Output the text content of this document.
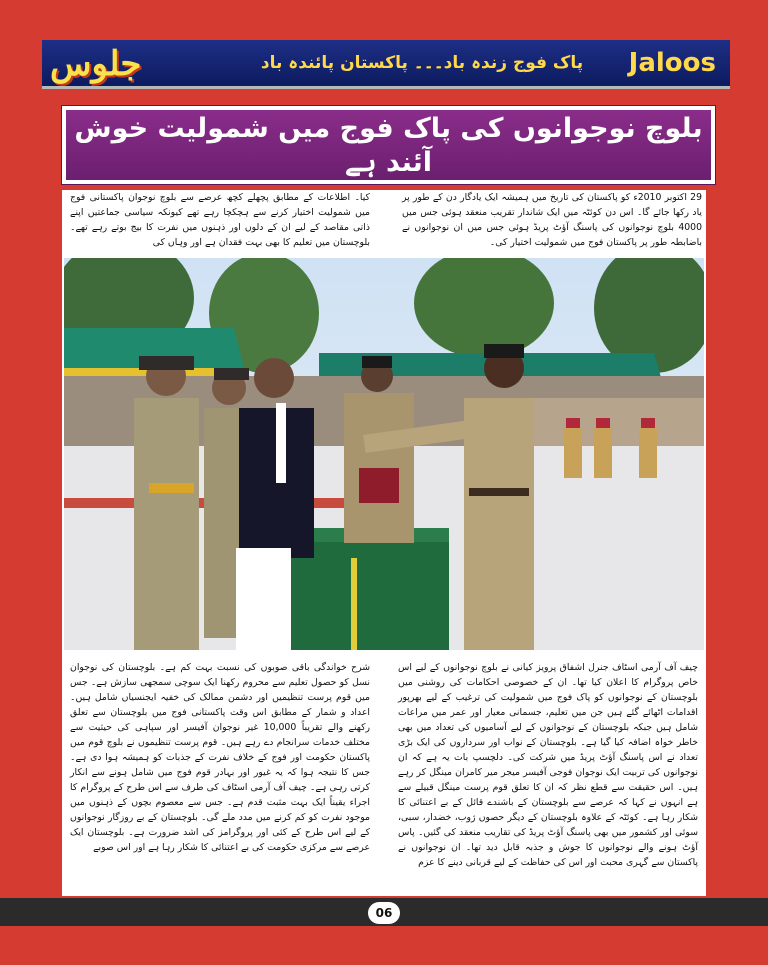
جلوس	پاک فوج زندہ باد۔۔۔ پاکستان پائندہ باد	Jaloos
بلوچ نوجوانوں کی پاک فوج میں شمولیت خوش آئند ہے

29 اکتوبر 2010ء کو پاکستان کی تاریخ میں ہمیشہ ایک یادگار دن کے طور پر یاد رکھا جائے گا۔ اس دن کوئٹہ میں ایک شاندار تقریب منعقد ہوئی جس میں 4000 بلوچ نوجوانوں کی پاسنگ آؤٹ پریڈ ہوئی جس میں ان نوجوانوں نے باضابطہ طور پر پاکستان فوج میں شمولیت اختیار کی۔

کیا۔ اطلاعات کے مطابق پچھلے کچھ عرصے سے بلوچ نوجوان پاکستانی فوج میں شمولیت اختیار کرنے سے ہچکچا رہے تھے کیونکہ سیاسی جماعتیں اپنے ذاتی مقاصد کے لیے ان کے دلوں اور ذہنوں میں نفرت کا بیج بوتے رہے تھے۔ بلوچستان میں تعلیم کا بھی بہت فقدان ہے اور وہاں کی

چیف آف آرمی اسٹاف جنرل اشفاق پرویز کیانی نے بلوچ نوجوانوں کے لیے اس خاص پروگرام کا اعلان کیا تھا۔ ان کے خصوصی احکامات کی روشنی میں بلوچستان کے نوجوانوں کو پاک فوج میں شمولیت کی ترغیب کے لیے بھرپور اقدامات اٹھائے گئے ہیں جن میں تعلیم، جسمانی معیار اور عمر میں مراعات شامل ہیں جبکہ بلوچستان کے نوجوانوں کے لیے آسامیوں کی تعداد میں بھی خاطر خواہ اضافہ کیا گیا ہے۔ بلوچستان کے نواب اور سرداروں کی ایک بڑی تعداد نے اس پاسنگ آؤٹ پریڈ میں شرکت کی۔ دلچسپ بات یہ ہے کہ ان نوجوانوں کی تربیت ایک نوجوان فوجی آفیسر میجر میر کامران مینگل کر رہے ہیں۔ اس حقیقت سے قطع نظر کہ ان کا تعلق قوم پرست مینگل قبیلے سے ہے انہوں نے کہا کہ عرصے سے بلوچستان کے باشندے قائل کے بے اعتنائی کا شکار رہا ہے۔ کوئٹہ کے علاوہ بلوچستان کے دیگر حصوں ژوب، خضدار، سبی، سوئی اور کشمور میں بھی پاسنگ آؤٹ پریڈ کی تقاریب منعقد کی گئیں۔ پاس آؤٹ ہونے والے نوجوانوں کا جوش و جذبہ قابل دید تھا۔ ان نوجوانوں نے پاکستان سے گہری محبت اور اس کی حفاظت کے لیے قربانی دینے کا عزم

شرح خواندگی باقی صوبوں کی نسبت بہت کم ہے۔ بلوچستان کی نوجوان نسل کو حصول تعلیم سے محروم رکھنا ایک سوچی سمجھی سازش ہے۔ جس میں قوم پرست تنظیمیں اور دشمن ممالک کی خفیہ ایجنسیاں شامل ہیں۔ اعداد و شمار کے مطابق اس وقت پاکستانی فوج میں بلوچستان سے تعلق رکھنے والے تقریباً 10,000 غیر نوجوان آفیسر اور سپاہی کی حیثیت سے مختلف خدمات سرانجام دے رہے ہیں۔ قوم پرست تنظیموں نے بلوچ قوم میں پاکستان حکومت اور فوج کے خلاف نفرت کے جذبات کو ہمیشہ ہوا دی ہے۔ جس کا نتیجہ ہوا کہ یہ غیور اور بہادر قوم فوج میں شامل ہونے سے انکار کرتی رہی ہے۔ چیف آف آرمی اسٹاف کی طرف سے اس طرح کے پروگرام کا اجراء یقیناً ایک بہت مثبت قدم ہے۔ جس سے معصوم بچوں کے ذہنوں میں موجود نفرت کو کم کرنے میں مدد ملے گی۔ بلوچستان کے بے روزگار نوجوانوں کے لیے اس طرح کے کئی اور پروگرامز کی اشد ضرورت ہے۔ بلوچستان ایک عرصے سے مرکزی حکومت کی بے اعتنائی کا شکار رہا ہے اور اس صوبے

06
